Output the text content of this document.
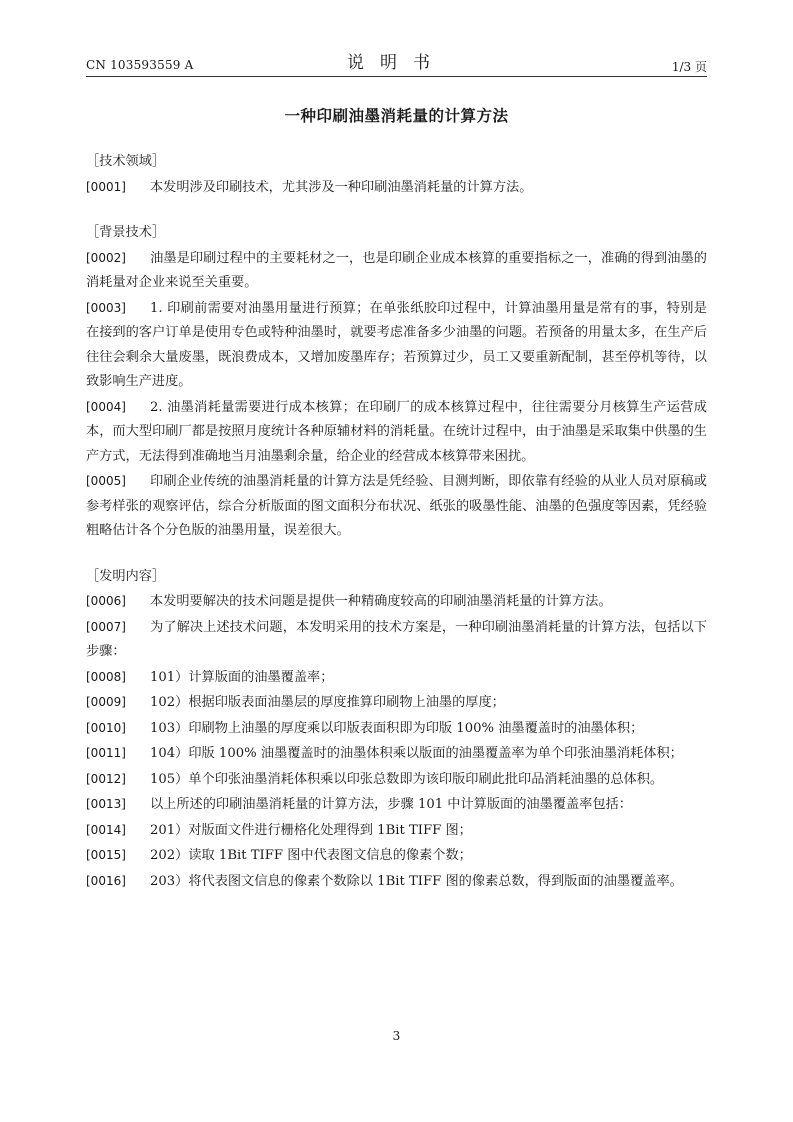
CN 103593559 A	说明书	1/3 页
一种印刷油墨消耗量的计算方法
［技术领域］
[0001] 本发明涉及印刷技术，尤其涉及一种印刷油墨消耗量的计算方法。
［背景技术］
[0002] 油墨是印刷过程中的主要耗材之一，也是印刷企业成本核算的重要指标之一，准确的得到油墨的消耗量对企业来说至关重要。
[0003] 1. 印刷前需要对油墨用量进行预算；在单张纸胶印过程中，计算油墨用量是常有的事，特别是在接到的客户订单是使用专色或特种油墨时，就要考虑准备多少油墨的问题。若预备的用量太多，在生产后往往会剩余大量废墨，既浪费成本，又增加废墨库存；若预算过少，员工又要重新配制，甚至停机等待，以致影响生产进度。
[0004] 2. 油墨消耗量需要进行成本核算；在印刷厂的成本核算过程中，往往需要分月核算生产运营成本，而大型印刷厂都是按照月度统计各种原辅材料的消耗量。在统计过程中，由于油墨是采取集中供墨的生产方式，无法得到准确地当月油墨剩余量，给企业的经营成本核算带来困扰。
[0005] 印刷企业传统的油墨消耗量的计算方法是凭经验、目测判断，即依靠有经验的从业人员对原稿或参考样张的观察评估，综合分析版面的图文面积分布状况、纸张的吸墨性能、油墨的色强度等因素，凭经验粗略估计各个分色版的油墨用量，误差很大。
［发明内容］
[0006] 本发明要解决的技术问题是提供一种精确度较高的印刷油墨消耗量的计算方法。
[0007] 为了解决上述技术问题，本发明采用的技术方案是，一种印刷油墨消耗量的计算方法，包括以下步骤：
[0008] 101）计算版面的油墨覆盖率；
[0009] 102）根据印版表面油墨层的厚度推算印刷物上油墨的厚度；
[0010] 103）印刷物上油墨的厚度乘以印版表面积即为印版 100% 油墨覆盖时的油墨体积；
[0011] 104）印版 100% 油墨覆盖时的油墨体积乘以版面的油墨覆盖率为单个印张油墨消耗体积；
[0012] 105）单个印张油墨消耗体积乘以印张总数即为该印版印刷此批印品消耗油墨的总体积。
[0013] 以上所述的印刷油墨消耗量的计算方法，步骤 101 中计算版面的油墨覆盖率包括：
[0014] 201）对版面文件进行栅格化处理得到 1Bit TIFF 图；
[0015] 202）读取 1Bit TIFF 图中代表图文信息的像素个数；
[0016] 203）将代表图文信息的像素个数除以 1Bit TIFF 图的像素总数，得到版面的油墨覆盖率。
3
